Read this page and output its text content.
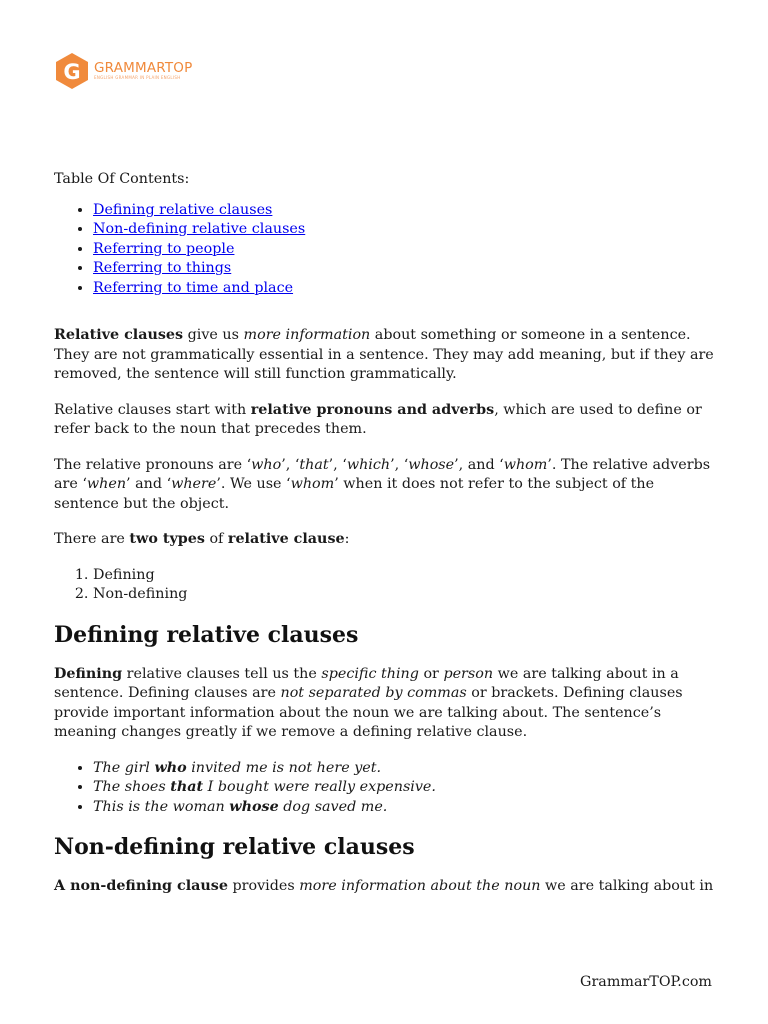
G GRAMMARTOP
ENGLISH GRAMMAR IN PLAIN ENGLISH

Table Of Contents:

• Defining relative clauses
• Non-defining relative clauses
• Referring to people
• Referring to things
• Referring to time and place

Relative clauses give us more information about something or someone in a sentence. They are not grammatically essential in a sentence. They may add meaning, but if they are removed, the sentence will still function grammatically.

Relative clauses start with relative pronouns and adverbs, which are used to define or refer back to the noun that precedes them.

The relative pronouns are ‘who’, ‘that’, ‘which’, ‘whose’, and ‘whom’. The relative adverbs are ‘when’ and ‘where’. We use ‘whom’ when it does not refer to the subject of the sentence but the object.

There are two types of relative clause:

1. Defining
2. Non-defining
Defining relative clauses

Defining relative clauses tell us the specific thing or person we are talking about in a sentence. Defining clauses are not separated by commas or brackets. Defining clauses provide important information about the noun we are talking about. The sentence’s meaning changes greatly if we remove a defining relative clause.

• The girl who invited me is not here yet.
• The shoes that I bought were really expensive.
• This is the woman whose dog saved me.
Non-defining relative clauses

A non-defining clause provides more information about the noun we are talking about in

GrammarTOP.com
